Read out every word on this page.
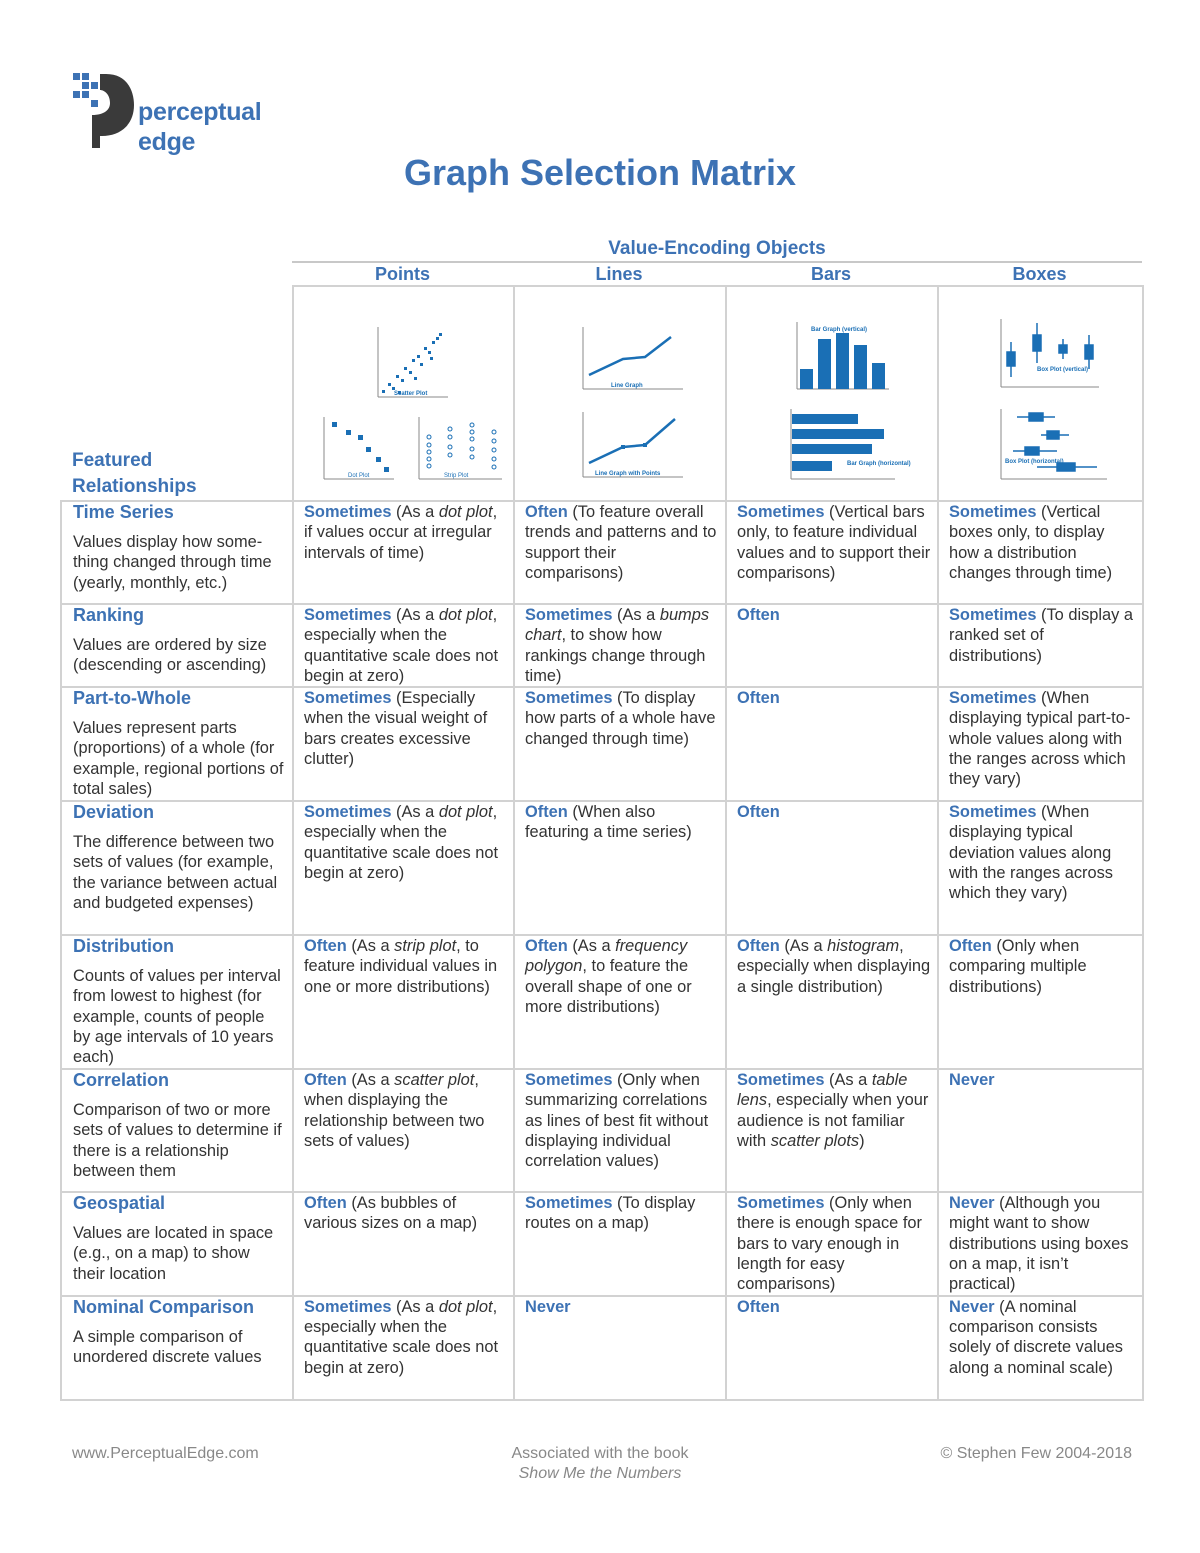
perceptual
edge
Graph Selection Matrix
Value-Encoding Objects
Points	Lines	Bars	Boxes
Featured Relationships	Scatter Plot
Dot Plot Strip Plot	Line Graph
Line Graph with Points	Bar Graph (vertical)
Bar Graph (horizontal)	Box Plot (vertical)
Box Plot (horizontal)

Time Series
Values display how some-thing changed through time (yearly, monthly, etc.)	Sometimes (As a dot plot, if values occur at irregular intervals of time)	Often (To feature overall trends and patterns and to support their comparisons)	Sometimes (Vertical bars only, to feature individual values and to support their comparisons)	Sometimes (Vertical boxes only, to display how a distribution changes through time)

Ranking
Values are ordered by size (descending or ascending)	Sometimes (As a dot plot, especially when the quantitative scale does not begin at zero)	Sometimes (As a bumps chart, to show how rankings change through time)	Often	Sometimes (To display a ranked set of distributions)

Part-to-Whole
Values represent parts (proportions) of a whole (for example, regional portions of total sales)	Sometimes (Especially when the visual weight of bars creates excessive clutter)	Sometimes (To display how parts of a whole have changed through time)	Often	Sometimes (When displaying typical part-to-whole values along with the ranges across which they vary)

Deviation
The difference between two sets of values (for example, the variance between actual and budgeted expenses)	Sometimes (As a dot plot, especially when the quantitative scale does not begin at zero)	Often (When also featuring a time series)	Often	Sometimes (When displaying typical deviation values along with the ranges across which they vary)

Distribution
Counts of values per interval from lowest to highest (for example, counts of people by age intervals of 10 years each)	Often (As a strip plot, to feature individual values in one or more distributions)	Often (As a frequency polygon, to feature the overall shape of one or more distributions)	Often (As a histogram, especially when displaying a single distribution)	Often (Only when comparing multiple distributions)

Correlation
Comparison of two or more sets of values to determine if there is a relationship between them	Often (As a scatter plot, when displaying the relationship between two sets of values)	Sometimes (Only when summarizing correlations as lines of best fit without displaying individual correlation values)	Sometimes (As a table lens, especially when your audience is not familiar with scatter plots)	Never

Geospatial
Values are located in space (e.g., on a map) to show their location	Often (As bubbles of various sizes on a map)	Sometimes (To display routes on a map)	Sometimes (Only when there is enough space for bars to vary enough in length for easy comparisons)	Never (Although you might want to show distributions using boxes on a map, it isn’t practical)

Nominal Comparison
A simple comparison of unordered discrete values	Sometimes (As a dot plot, especially when the quantitative scale does not begin at zero)	Never	Often	Never (A nominal comparison consists solely of discrete values along a nominal scale)
www.PerceptualEdge.com	Associated with the book
Show Me the Numbers
© Stephen Few 2004-2018
